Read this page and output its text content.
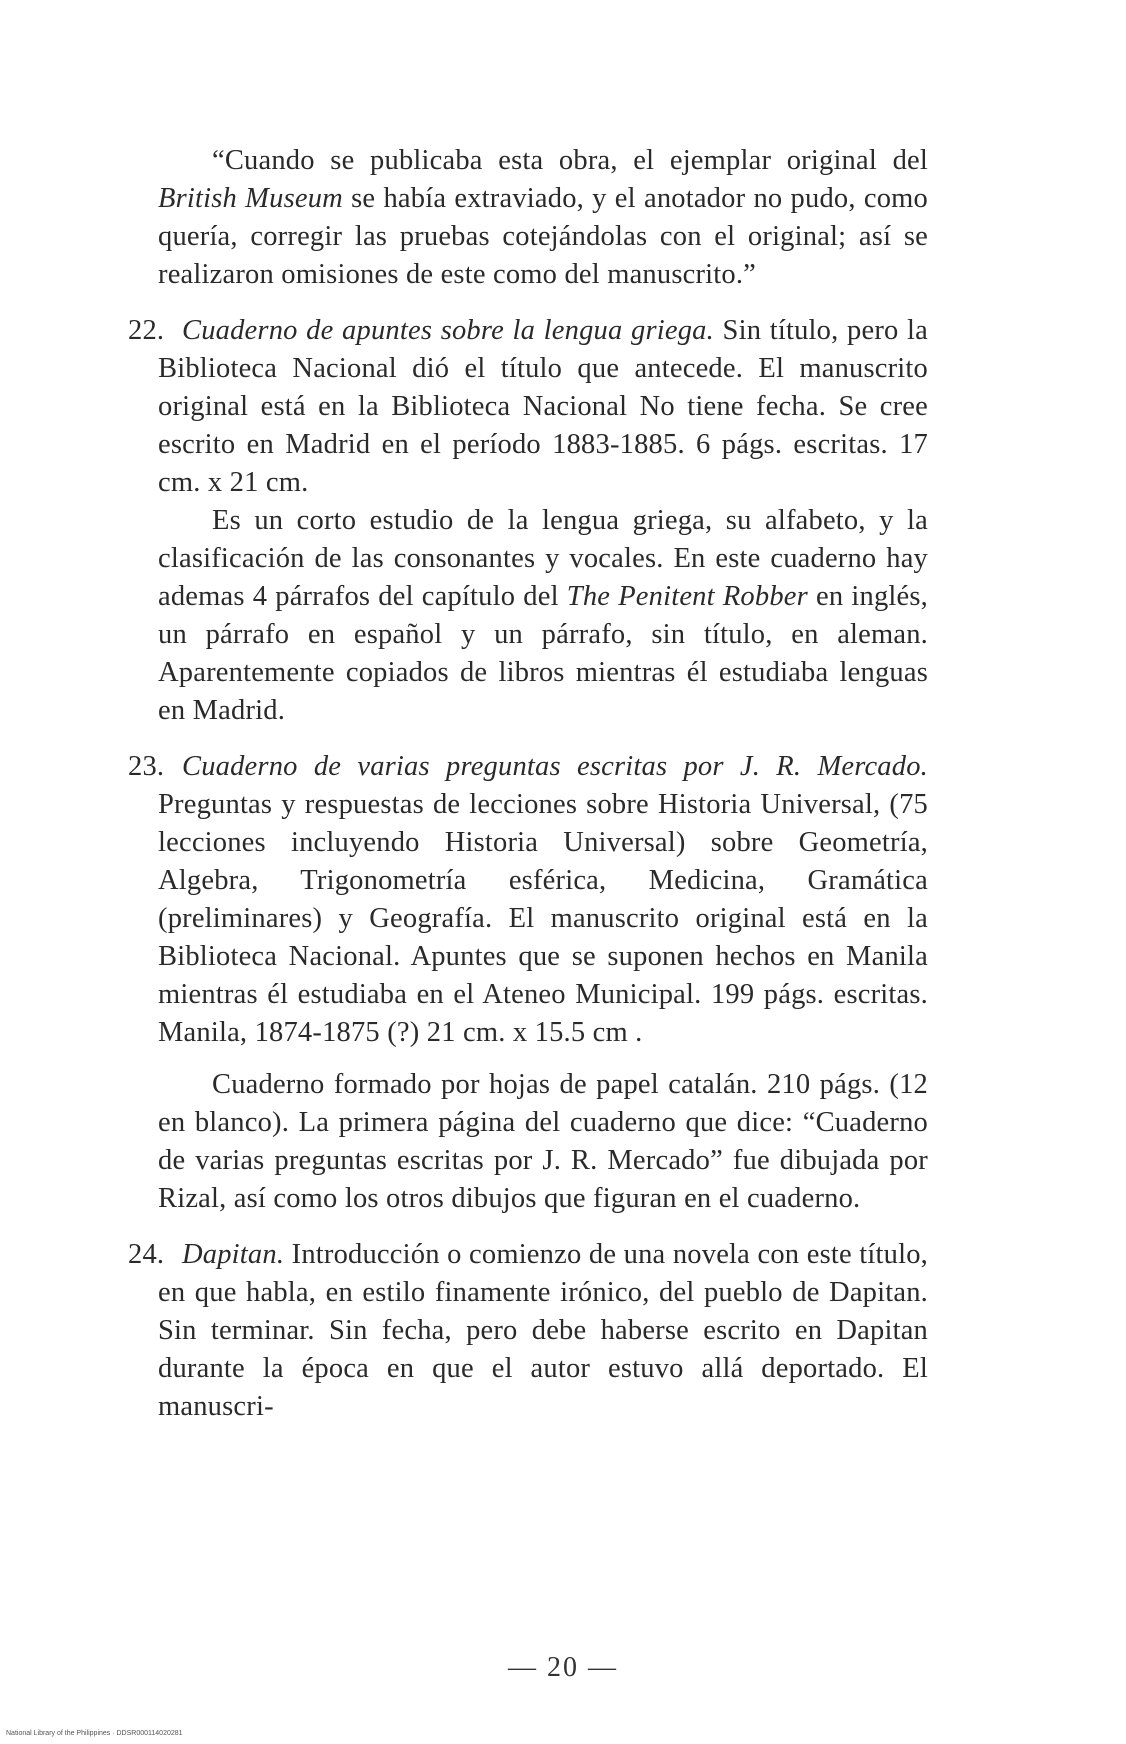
“Cuando se publicaba esta obra, el ejemplar original del British Museum se había extraviado, y el anotador no pudo, como quería, corregir las pruebas cotejándolas con el original; así se realizaron omisiones de este como del manuscrito.”

22. Cuaderno de apuntes sobre la lengua griega. Sin título, pero la Biblioteca Nacional dió el título que antecede. El manuscrito original está en la Biblioteca Nacional No tiene fecha. Se cree escrito en Madrid en el período 1883-1885. 6 págs. escritas. 17 cm. x 21 cm.

Es un corto estudio de la lengua griega, su alfabeto, y la clasificación de las consonantes y vocales. En este cuaderno hay ademas 4 párrafos del capítulo del The Penitent Robber en inglés, un párrafo en español y un párrafo, sin título, en aleman. Aparentemente copiados de libros mientras él estudiaba lenguas en Madrid.

23. Cuaderno de varias preguntas escritas por J. R. Mercado. Preguntas y respuestas de lecciones sobre Historia Universal, (75 lecciones incluyendo Historia Universal) sobre Geometría, Algebra, Trigonometría esférica, Medicina, Gramática (preliminares) y Geografía. El manuscrito original está en la Biblioteca Nacional. Apuntes que se suponen hechos en Manila mientras él estudiaba en el Ateneo Municipal. 199 págs. escritas. Manila, 1874-1875 (?) 21 cm. x 15.5 cm .

Cuaderno formado por hojas de papel catalán. 210 págs. (12 en blanco). La primera página del cuaderno que dice: “Cuaderno de varias preguntas escritas por J. R. Mercado” fue dibujada por Rizal, así como los otros dibujos que figuran en el cuaderno.

24. Dapitan. Introducción o comienzo de una novela con este título, en que habla, en estilo finamente irónico, del pueblo de Dapitan. Sin terminar. Sin fecha, pero debe haberse escrito en Dapitan durante la época en que el autor estuvo allá deportado. El manuscri-

— 20 —
National Library of the Philippines · DDSR000114020281
